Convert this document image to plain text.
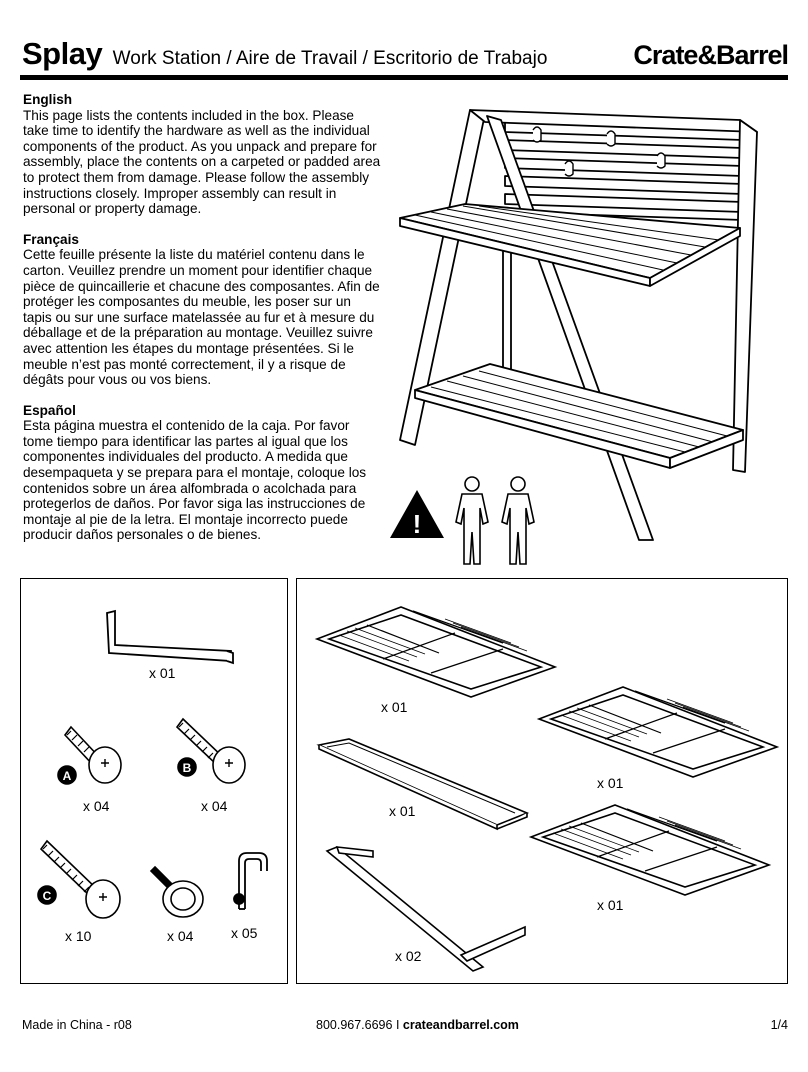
Splay Work Station / Aire de Travail / Escritorio de Trabajo	Crate&Barrel
English

This page lists the contents included in the box. Please take time to identify the hardware as well as the individual components of the product. As you unpack and prepare for assembly, place the contents on a carpeted or padded area to protect them from damage. Please follow the assembly instructions closely. Improper assembly can result in personal or property damage.

Français

Cette feuille présente la liste du matériel contenu dans le carton. Veuillez prendre un moment pour identifier chaque pièce de quincaillerie et chacune des composantes. Afin de protéger les composantes du meuble, les poser sur un tapis ou sur une surface matelassée au fur et à mesure du déballage et de la préparation au montage. Veuillez suivre avec attention les étapes du montage présentées. Si le meuble n’est pas monté correctement, il y a risque de dégâts pour vous ou vos biens.

Español

Esta página muestra el contenido de la caja. Por favor tome tiempo para identificar las partes al igual que los componentes individuales del producto. A medida que desempaqueta y se prepara para el montaje, coloque los contenidos sobre un área alfombrada o acolchada para protegerlos de daños. Por favor siga las instrucciones de montaje al pie de la letra. El montaje incorrecto puede producir daños personales o de bienes.	!
x 01
A
x 04
B
x 04
C
x 10	x 04	x 05
x 01
x 01
x 02
x 01
x 01
Made in China - r08	800.967.6696 I crateandbarrel.com	1/4
